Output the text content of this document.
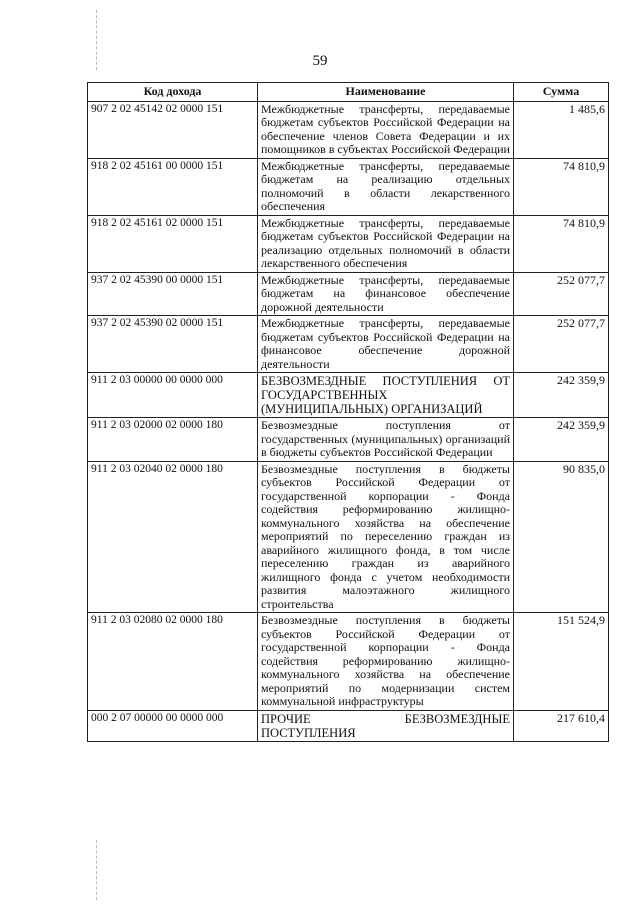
59
Код дохода	Наименование	Сумма
907 2 02 45142 02 0000 151	Межбюджетные трансферты, передаваемые бюджетам субъектов Российской Федерации на обеспечение членов Совета Федерации и их помощников в субъектах Российской Федерации	1 485,6
918 2 02 45161 00 0000 151	Межбюджетные трансферты, передаваемые бюджетам на реализацию отдельных полномочий в области лекарственного обеспечения	74 810,9
918 2 02 45161 02 0000 151	Межбюджетные трансферты, передаваемые бюджетам субъектов Российской Федерации на реализацию отдельных полномочий в области лекарственного обеспечения	74 810,9
937 2 02 45390 00 0000 151	Межбюджетные трансферты, передаваемые бюджетам на финансовое обеспечение дорожной деятельности	252 077,7
937 2 02 45390 02 0000 151	Межбюджетные трансферты, передаваемые бюджетам субъектов Российской Федерации на финансовое обеспечение дорожной деятельности	252 077,7
911 2 03 00000 00 0000 000	БЕЗВОЗМЕЗДНЫЕ ПОСТУПЛЕНИЯ ОТ ГОСУДАРСТВЕННЫХ (МУНИЦИПАЛЬНЫХ) ОРГАНИЗАЦИЙ	242 359,9
911 2 03 02000 02 0000 180	Безвозмездные поступления от государственных (муниципальных) организаций в бюджеты субъектов Российской Федерации	242 359,9
911 2 03 02040 02 0000 180	Безвозмездные поступления в бюджеты субъектов Российской Федерации от государственной корпорации - Фонда содействия реформированию жилищно-коммунального хозяйства на обеспечение мероприятий по переселению граждан из аварийного жилищного фонда, в том числе переселению граждан из аварийного жилищного фонда с учетом необходимости развития малоэтажного жилищного строительства	90 835,0
911 2 03 02080 02 0000 180	Безвозмездные поступления в бюджеты субъектов Российской Федерации от государственной корпорации - Фонда содействия реформированию жилищно-коммунального хозяйства на обеспечение мероприятий по модернизации систем коммунальной инфраструктуры	151 524,9
000 2 07 00000 00 0000 000	ПРОЧИЕ БЕЗВОЗМЕЗДНЫЕ ПОСТУПЛЕНИЯ	217 610,4
